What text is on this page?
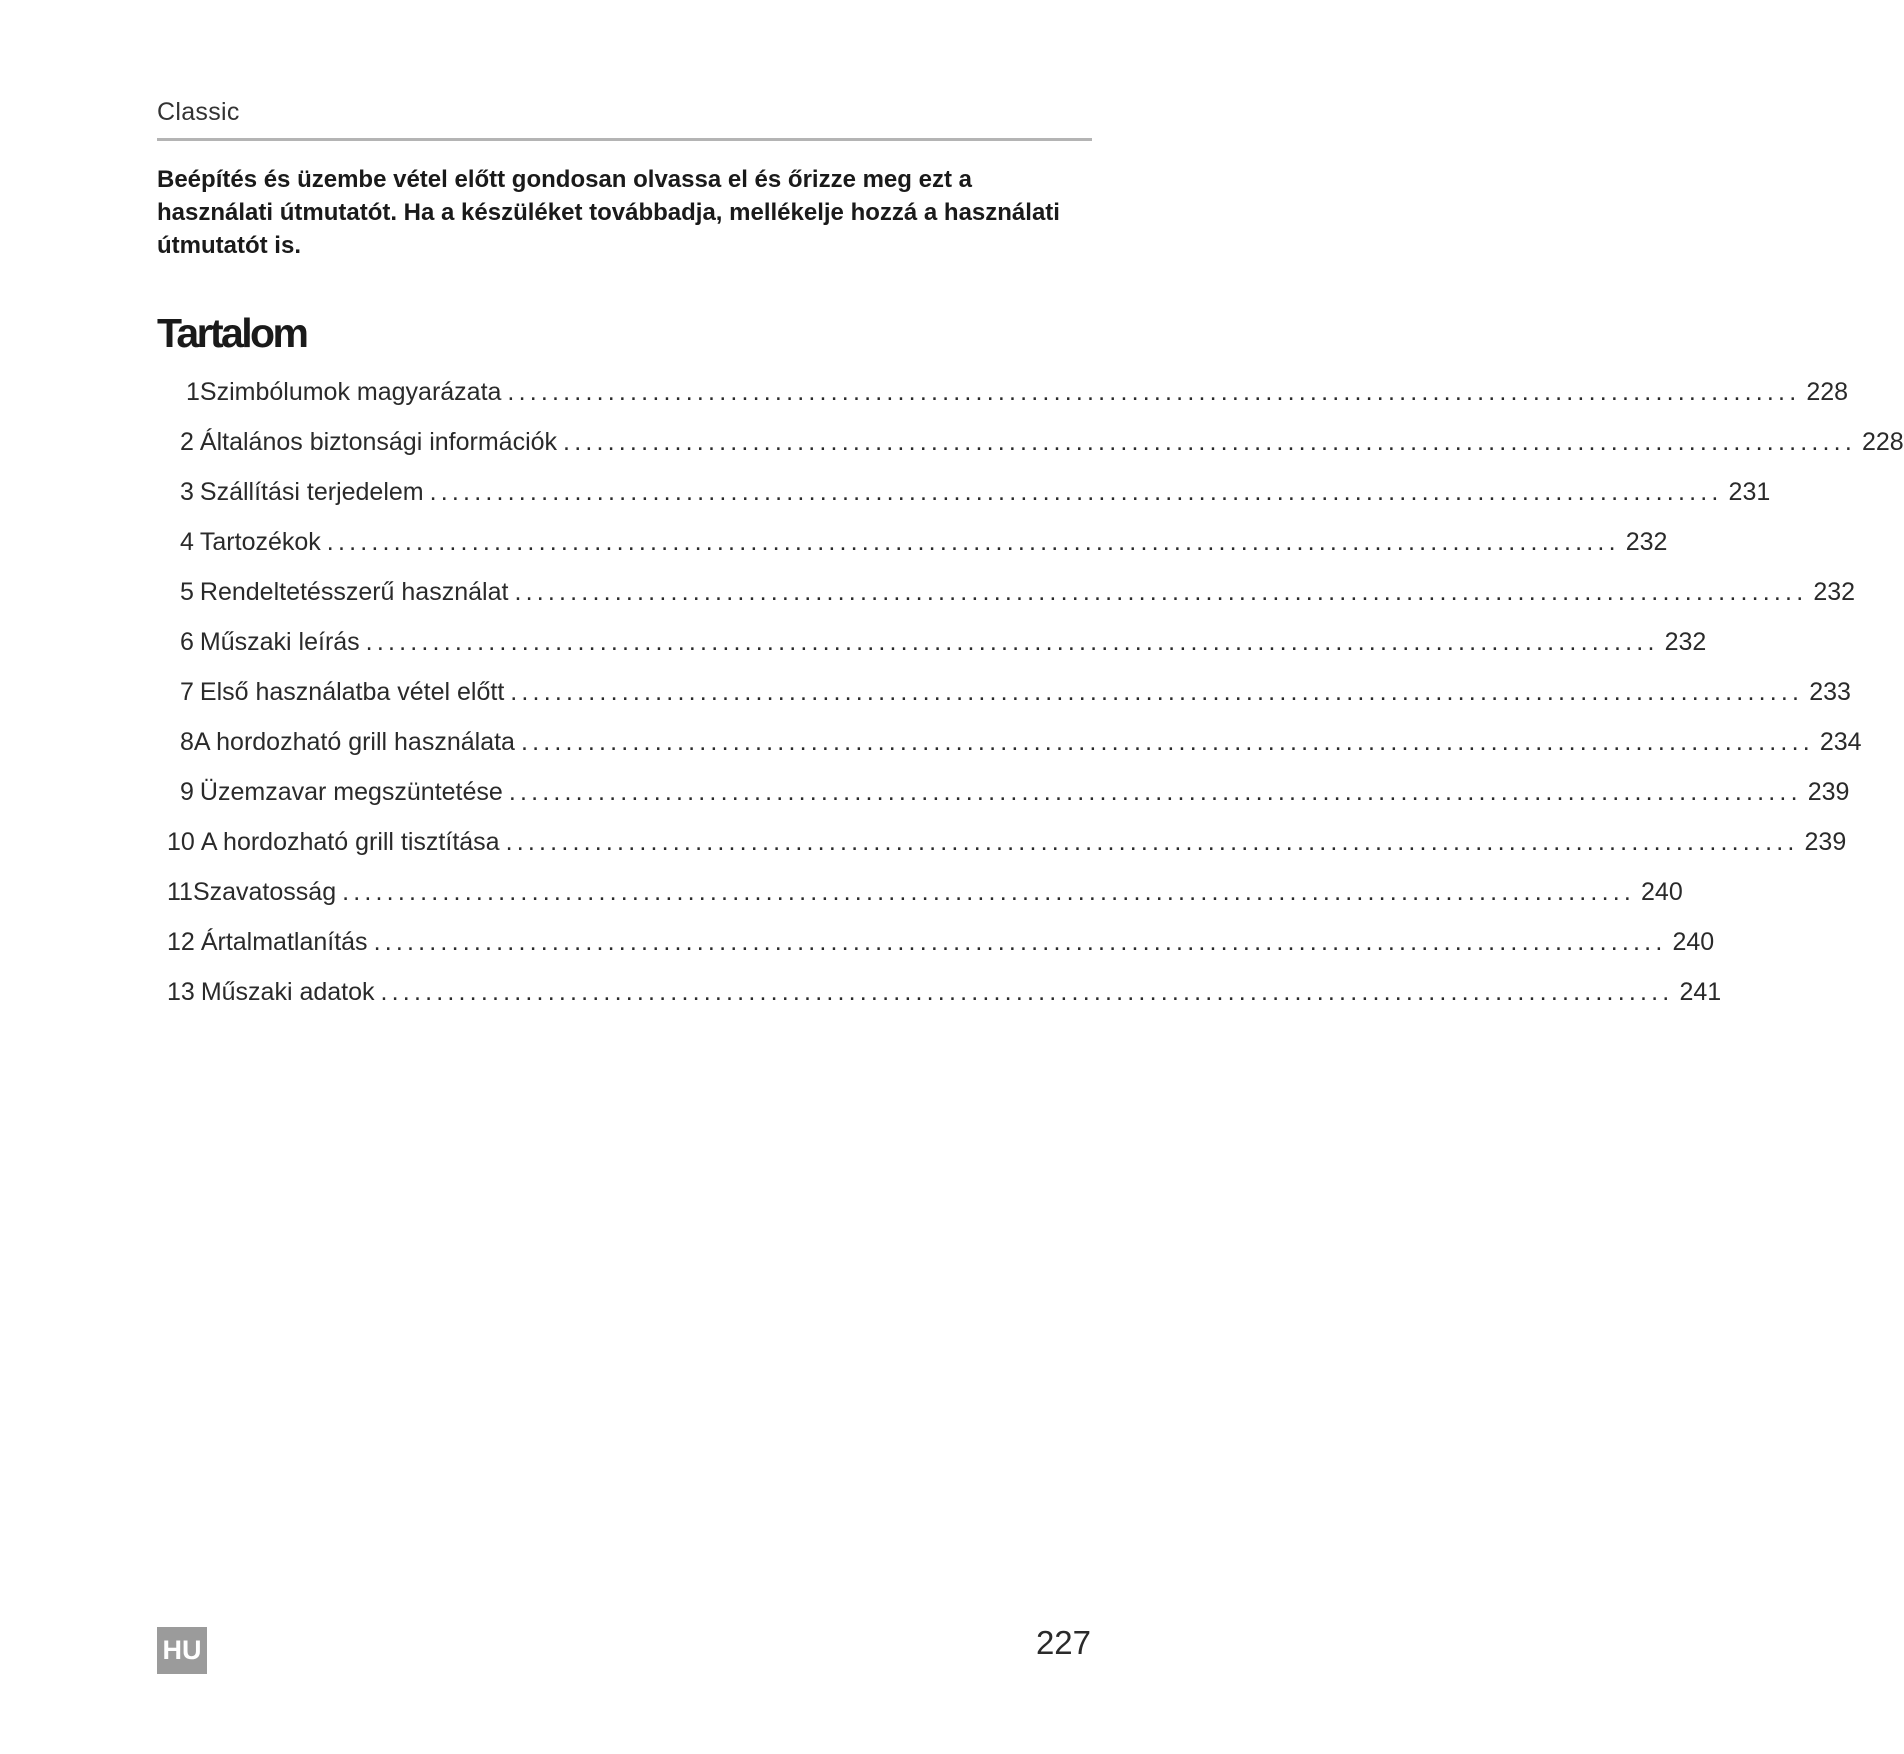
Classic
Beépítés és üzembe vétel előtt gondosan olvassa el és őrizze meg ezt a használati útmutatót. Ha a készüléket továbbadja, mellékelje hozzá a használati útmutatót is.
Tartalom
1 Szimbólumok magyarázata .................................................................................................................... 228
2 Általános biztonsági információk .................................................................................................................... 228
3 Szállítási terjedelem .................................................................................................................... 231
4 Tartozékok .................................................................................................................... 232
5 Rendeltetésszerű használat .................................................................................................................... 232
6 Műszaki leírás .................................................................................................................... 232
7 Első használatba vétel előtt .................................................................................................................... 233
8 A hordozható grill használata .................................................................................................................... 234
9 Üzemzavar megszüntetése .................................................................................................................... 239
10 A hordozható grill tisztítása .................................................................................................................... 239
11 Szavatosság .................................................................................................................... 240
12 Ártalmatlanítás .................................................................................................................... 240
13 Műszaki adatok .................................................................................................................... 241
HU	227
